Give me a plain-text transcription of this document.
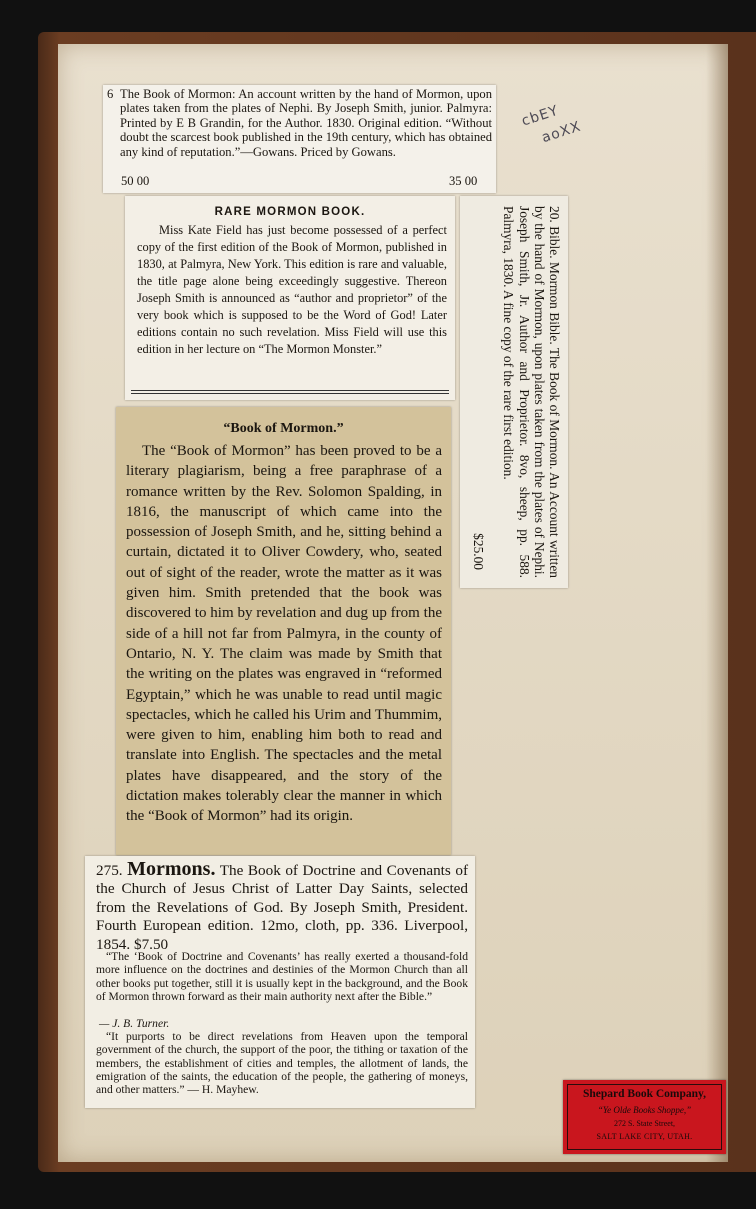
6 The Book of Mormon: An account written by the hand of Mormon, upon plates taken from the plates of Nephi. By Joseph Smith, junior. Palmyra: Printed by E B Grandin, for the Author. 1830. Original edition. “Without doubt the scarcest book published in the 19th century, which has obtained any kind of reputation.”—Gowans. Priced by Gowans.

50 00	35 00
RARE MORMON BOOK.

Miss Kate Field has just become possessed of a perfect copy of the first edition of the Book of Mormon, published in 1830, at Palmyra, New York. This edition is rare and valuable, the title page alone being exceedingly suggestive. Thereon Joseph Smith is announced as “author and proprietor” of the very book which is supposed to be the Word of God! Later editions contain no such revelation. Miss Field will use this edition in her lecture on “The Mormon Monster.”	20. Bible. Mormon Bible. The Book of Mormon. An Account written by the hand of Mormon, upon plates taken from the plates of Nephi. Joseph Smith, Jr. Author and Proprietor. 8vo, sheep, pp. 588. Palmyra, 1830. A fine copy of the rare first edition.

$25.00
“Book of Mormon.”

The “Book of Mormon” has been proved to be a literary plagiarism, being a free paraphrase of a romance written by the Rev. Solomon Spalding, in 1816, the manuscript of which came into the possession of Joseph Smith, and he, sitting behind a curtain, dictated it to Oliver Cowdery, who, seated out of sight of the reader, wrote the matter as it was given him. Smith pretended that the book was discovered to him by revelation and dug up from the side of a hill not far from Palmyra, in the county of Ontario, N. Y. The claim was made by Smith that the writing on the plates was engraved in “reformed Egyptain,” which he was unable to read until magic spectacles, which he called his Urim and Thummim, were given to him, enabling him both to read and translate into English. The spectacles and the metal plates have disappeared, and the story of the dictation makes tolerably clear the manner in which the “Book of Mormon” had its origin.

275. Mormons. The Book of Doctrine and Covenants of the Church of Jesus Christ of Latter Day Saints, selected from the Revelations of God. By Joseph Smith, President. Fourth European edition. 12mo, cloth, pp. 336. Liverpool, 1854. $7.50

“The ‘Book of Doctrine and Covenants’ has really exerted a thousand-fold more influence on the doctrines and destinies of the Mormon Church than all other books put together, still it is usually kept in the background, and the Book of Mormon thrown forward as their main authority next after the Bible.”

— J. B. Turner.

“It purports to be direct revelations from Heaven upon the temporal government of the church, the support of the poor, the tithing or taxation of the members, the establishment of cities and temples, the allotment of lands, the emigration of the saints, the education of the people, the gathering of moneys, and other matters.” — H. Mayhew.

cbEY
aoXX
Shepard Book Company,
“Ye Olde Books Shoppe,”
272 S. State Street,
SALT LAKE CITY, UTAH.
